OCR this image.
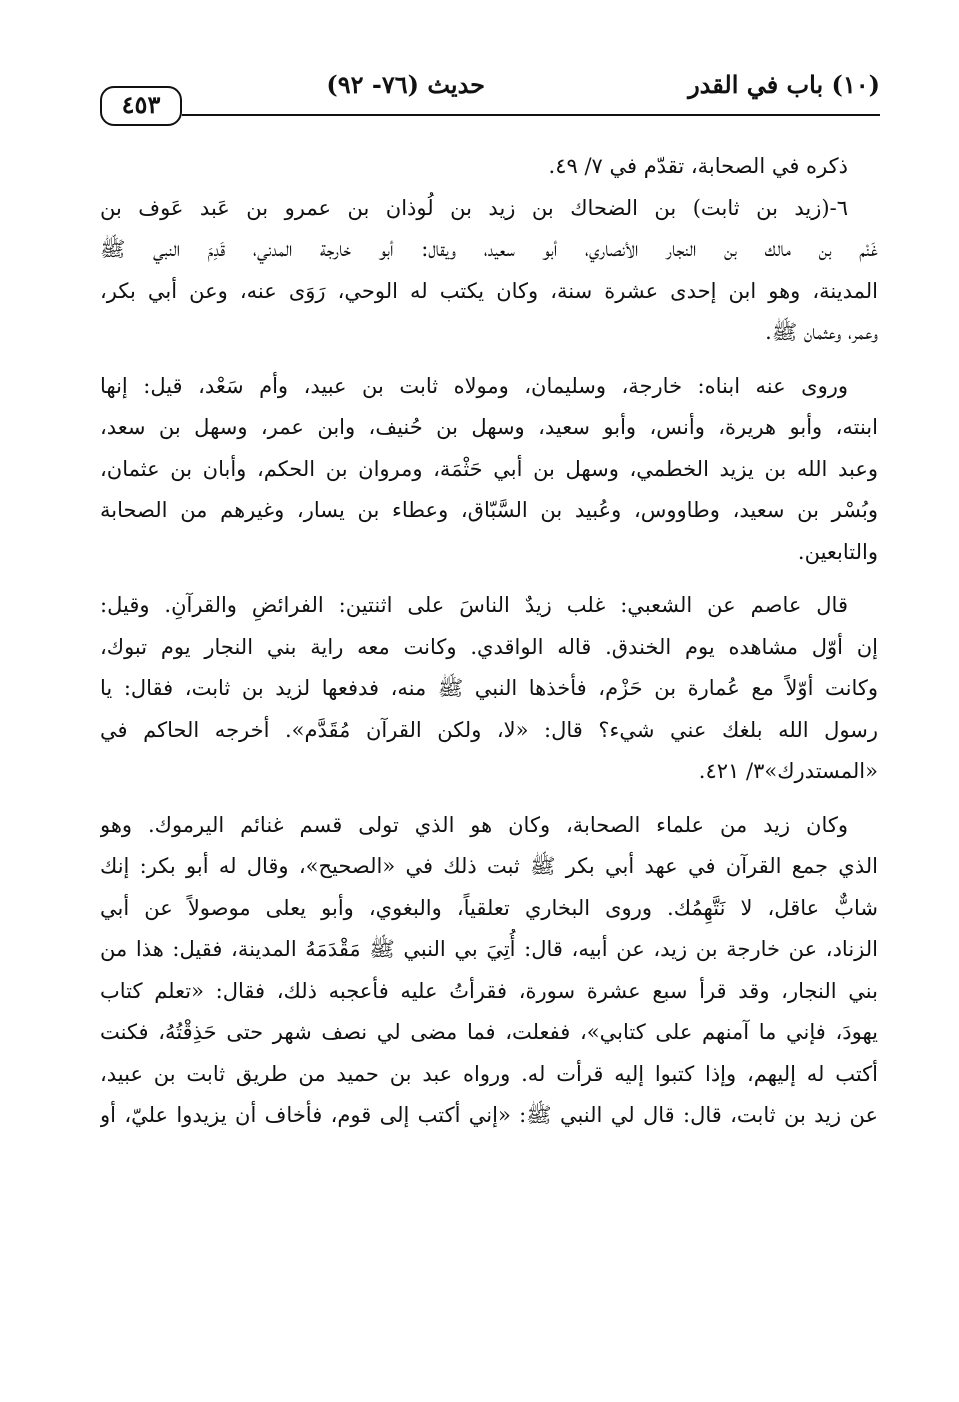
(١٠) باب في القدر
حديث (٧٦- ٩٢)
٤٥٣
ذكره في الصحابة، تقدّم في ٧/ ٤٩.
٦-(زيد بن ثابت) بن الضحاك بن زيد بن لُوذان بن عمرو بن عَبد عَوف بن
غَنْم بن مالك بن النجار الأنصاري، أبو سعيد، ويقال: أبو خارجة المدني، قَدِمَ النبي ﷺ
المدينة، وهو ابن إحدى عشرة سنة، وكان يكتب له الوحي، رَوَى عنه، وعن أبي بكر،
وعمر، وعثمان ﷺ.
وروى عنه ابناه: خارجة، وسليمان، ومولاه ثابت بن عبيد، وأم سَعْد، قيل: إنها
ابنته، وأبو هريرة، وأنس، وأبو سعيد، وسهل بن حُنيف، وابن عمر، وسهل بن سعد،
وعبد الله بن يزيد الخطمي، وسهل بن أبي حَثْمَة، ومروان بن الحكم، وأبان بن عثمان،
وبُسْر بن سعيد، وطاووس، وعُبيد بن السَّبّاق، وعطاء بن يسار، وغيرهم من الصحابة
والتابعين.
قال عاصم عن الشعبي: غلب زيدٌ الناسَ على اثنتين: الفرائضِ والقرآنِ. وقيل:
إن أوّل مشاهده يوم الخندق. قاله الواقدي. وكانت معه راية بني النجار يوم تبوك،
وكانت أوّلاً مع عُمارة بن حَزْم، فأخذها النبي ﷺ منه، فدفعها لزيد بن ثابت، فقال: يا
رسول الله بلغك عني شيء؟ قال: «لا، ولكن القرآن مُقَدَّم». أخرجه الحاكم في
«المستدرك»٣/ ٤٢١.
وكان زيد من علماء الصحابة، وكان هو الذي تولى قسم غنائم اليرموك. وهو
الذي جمع القرآن في عهد أبي بكر ﷺ ثبت ذلك في «الصحيح»، وقال له أبو بكر: إنك
شابٌّ عاقل، لا نَتَّهِمُك. وروى البخاري تعلقياً، والبغوي، وأبو يعلى موصولاً عن أبي
الزناد، عن خارجة بن زيد، عن أبيه، قال: أُتِيَ بي النبي ﷺ مَقْدَمَهُ المدينة، فقيل: هذا من
بني النجار، وقد قرأ سبع عشرة سورة، فقرأتُ عليه فأعجبه ذلك، فقال: «تعلم كتاب
يهودَ، فإني ما آمنهم على كتابي»، ففعلت، فما مضى لي نصف شهر حتى حَذِقْتُهُ، فكنت
أكتب له إليهم، وإذا كتبوا إليه قرأت له. ورواه عبد بن حميد من طريق ثابت بن عبيد،
عن زيد بن ثابت، قال: قال لي النبي ﷺ: «إني أكتب إلى قوم، فأخاف أن يزيدوا عليّ، أو
